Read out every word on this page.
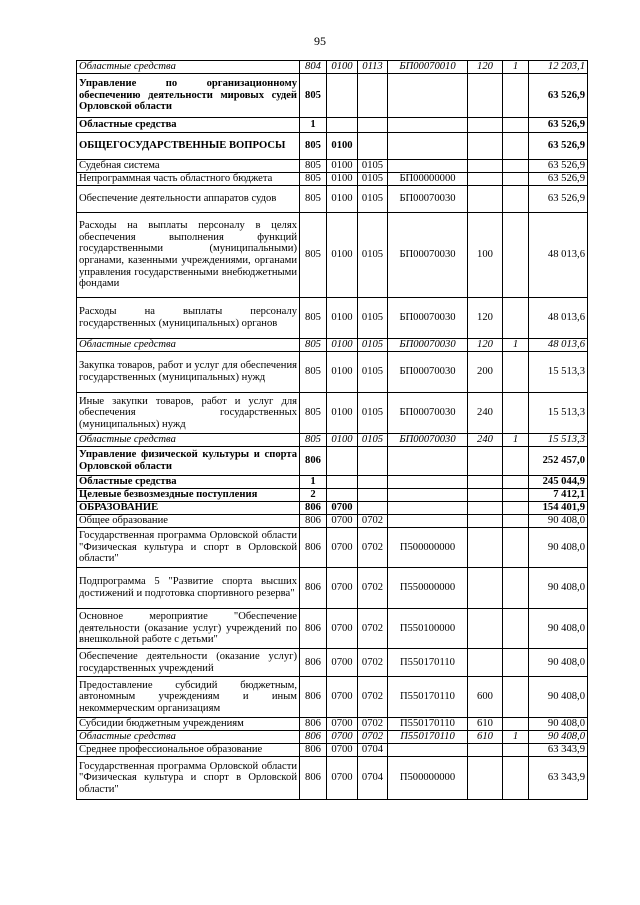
95
Областные средства	804	0100	0113	БП00070010	120	1	12 203,1
Управление по организационному обеспечению деятельности мировых судей Орловской области	805						63 526,9
Областные средства	1						63 526,9
ОБЩЕГОСУДАРСТВЕННЫЕ ВОПРОСЫ	805	0100					63 526,9
Судебная система	805	0100	0105				63 526,9
Непрограммная часть областного бюджета	805	0100	0105	БП00000000			63 526,9
Обеспечение деятельности аппаратов судов	805	0100	0105	БП00070030			63 526,9
Расходы на выплаты персоналу в целях обеспечения выполнения функций государственными (муниципальными) органами, казенными учреждениями, органами управления государственными внебюджетными фондами	805	0100	0105	БП00070030	100		48 013,6
Расходы на выплаты персоналу государственных (муниципальных) органов	805	0100	0105	БП00070030	120		48 013,6
Областные средства	805	0100	0105	БП00070030	120	1	48 013,6
Закупка товаров, работ и услуг для обеспечения государственных (муниципальных) нужд	805	0100	0105	БП00070030	200		15 513,3
Иные закупки товаров, работ и услуг для обеспечения государственных (муниципальных) нужд	805	0100	0105	БП00070030	240		15 513,3
Областные средства	805	0100	0105	БП00070030	240	1	15 513,3
Управление физической культуры и спорта Орловской области	806						252 457,0
Областные средства	1						245 044,9
Целевые безвозмездные поступления	2						7 412,1
ОБРАЗОВАНИЕ	806	0700					154 401,9
Общее образование	806	0700	0702				90 408,0
Государственная программа Орловской области "Физическая культура и спорт в Орловской области"	806	0700	0702	П500000000			90 408,0
Подпрограмма 5 "Развитие спорта высших достижений и подготовка спортивного резерва"	806	0700	0702	П550000000			90 408,0
Основное мероприятие "Обеспечение деятельности (оказание услуг) учреждений по внешкольной работе с детьми"	806	0700	0702	П550100000			90 408,0
Обеспечение деятельности (оказание услуг) государственных учреждений	806	0700	0702	П550170110			90 408,0
Предоставление субсидий бюджетным, автономным учреждениям и иным некоммерческим организациям	806	0700	0702	П550170110	600		90 408,0
Субсидии бюджетным учреждениям	806	0700	0702	П550170110	610		90 408,0
Областные средства	806	0700	0702	П550170110	610	1	90 408,0
Среднее профессиональное образование	806	0700	0704				63 343,9
Государственная программа Орловской области "Физическая культура и спорт в Орловской области"	806	0700	0704	П500000000			63 343,9
